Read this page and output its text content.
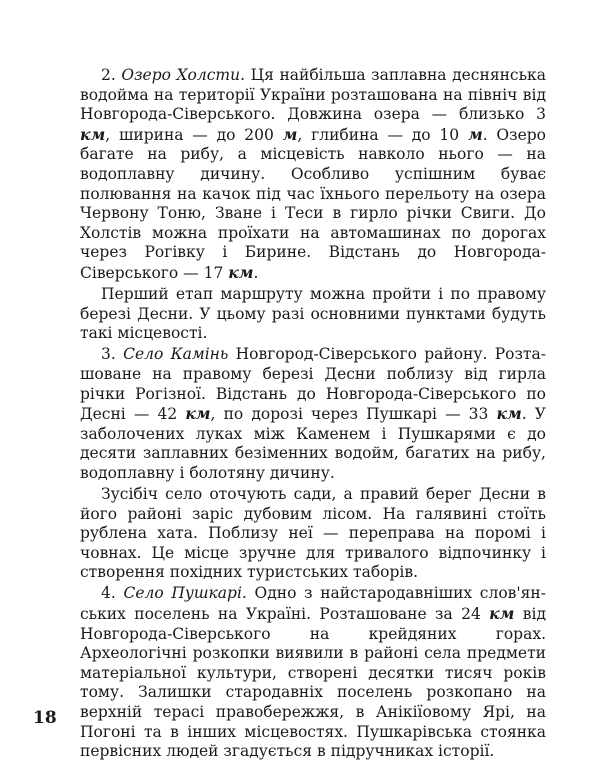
2. Озеро Холсти. Ця найбільша заплавна деснянська водойма на території України розташована на північ від Новгорода-Сіверського. Довжина озера — близько 3 км, ширина — до 200 м, глибина — до 10 м. Озеро багате на рибу, а місцевість навколо нього — на водоплавну дичину. Особливо успішним буває полювання на качок під час їхнього перельоту на озера Червону Тоню, Зване і Теси в гирло річки Свиги. До Холстів можна проїхати на автомашинах по дорогах через Рогівку і Бирине. Відстань до Новгорода-Сіверського — 17 км.

Перший етап маршруту можна пройти і по правому березі Десни. У цьому разі основними пунктами будуть такі місцевості.

3. Село Камінь Новгород-Сіверського району. Розташоване на правому березі Десни поблизу від гирла річки Рогізної. Відстань до Новгорода-Сіверського по Десні — 42 км, по дорозі через Пушкарі — 33 км. У заболочених лукаx між Каменем і Пушкарями є до десяти заплавних безіменних водойм, багатих на рибу, водоплавну і болотяну дичину.

Зусібіч село оточують сади, а правий берег Десни в його районі заріс дубовим лісом. На галявині стоїть рублена хата. Поблизу неї — переправа на поромі і човнах. Це місце зручне для тривалого відпочинку і створення похідних туристських таборів.

4. Село Пушкарі. Одно з найстародавніших слов'янських поселень на Україні. Розташоване за 24 км від Новгорода-Сіверського на крейдяних горах. Археологічні розкопки виявили в районі села предмети матеріальної культури, створені десятки тисяч років тому. Залишки стародавніх поселень розкопано на верхній терасі правобережжя, в Анікіїовому Ярі, на Погоні та в інших місцевостях. Пушкарівська стоянка первісних людей згадується в підручниках історії.

18
